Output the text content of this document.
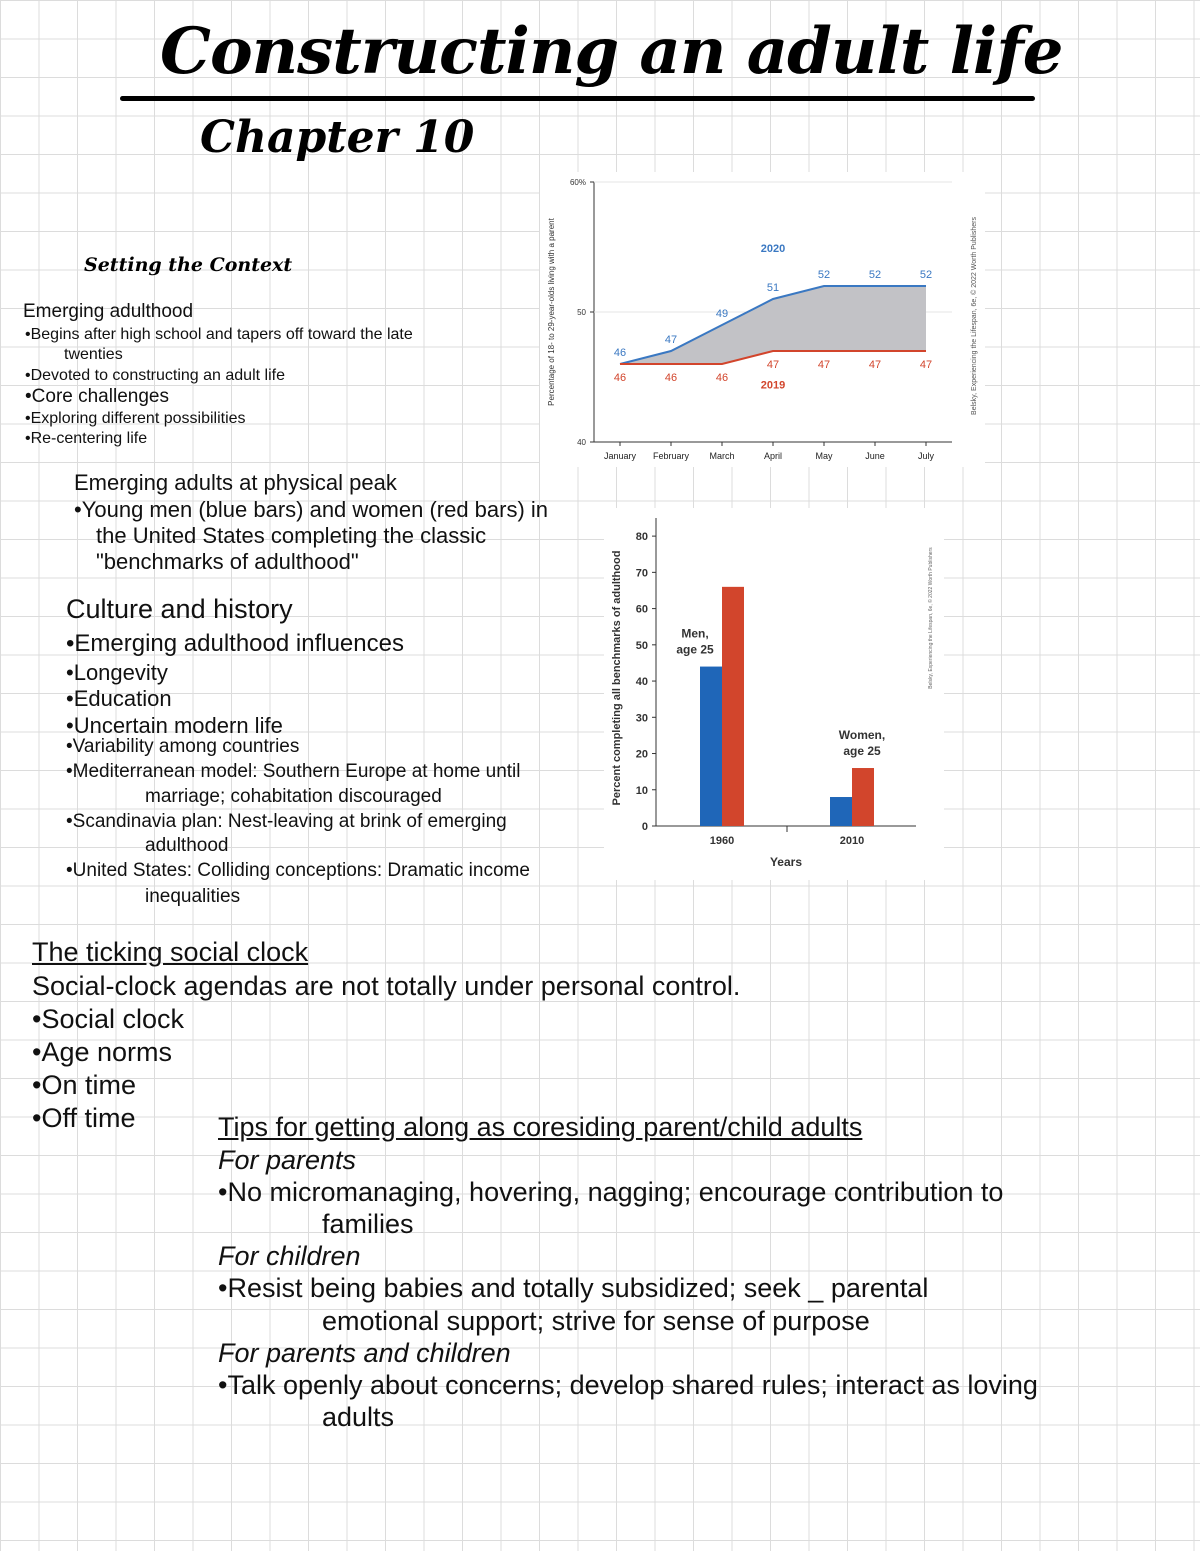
Constructing an adult life
Chapter 10
Setting the Context
Emerging adulthood
•Begins after high school and tapers off toward the late
twenties
•Devoted to constructing an adult life
•Core challenges
•Exploring different possibilities
•Re-centering life
Emerging adults at physical peak
•Young men (blue bars) and women (red bars) in
the United States completing the classic
"benchmarks of adulthood"
Culture and history
•Emerging adulthood influences
•Longevity
•Education
•Uncertain modern life
•Variability among countries
•Mediterranean model: Southern Europe at home until
marriage; cohabitation discouraged
•Scandinavia plan: Nest-leaving at brink of emerging
adulthood
•United States: Colliding conceptions: Dramatic income
inequalities
The ticking social clock
Social-clock agendas are not totally under personal control.
•Social clock
•Age norms
•On time
•Off time	Tips for getting along as coresiding parent/child adults
For parents
•No micromanaging, hovering, nagging; encourage contribution to
families
For children
•Resist being babies and totally subsidized; seek _ parental
emotional support; strive for sense of purpose
For parents and children
•Talk openly about concerns; develop shared rules; interact as loving
adults
60%
50
40
46
47
49
51
52	52	52
46	46	46
47	47	47	47
2020
2019
January February March	April	May	June	July
Percentage of 18- to 29-year-olds living with a parent	Belsky, Experiencing the Lifespan, 6e, © 2022 Worth Publishers
0
10
20
30
40
50
60
70
80
1960	2010
Men,
age 25
Women,
age 25
Years
Percent completing all benchmarks of adulthood	Belsky, Experiencing the Lifespan, 6e, © 2022 Worth Publishers
